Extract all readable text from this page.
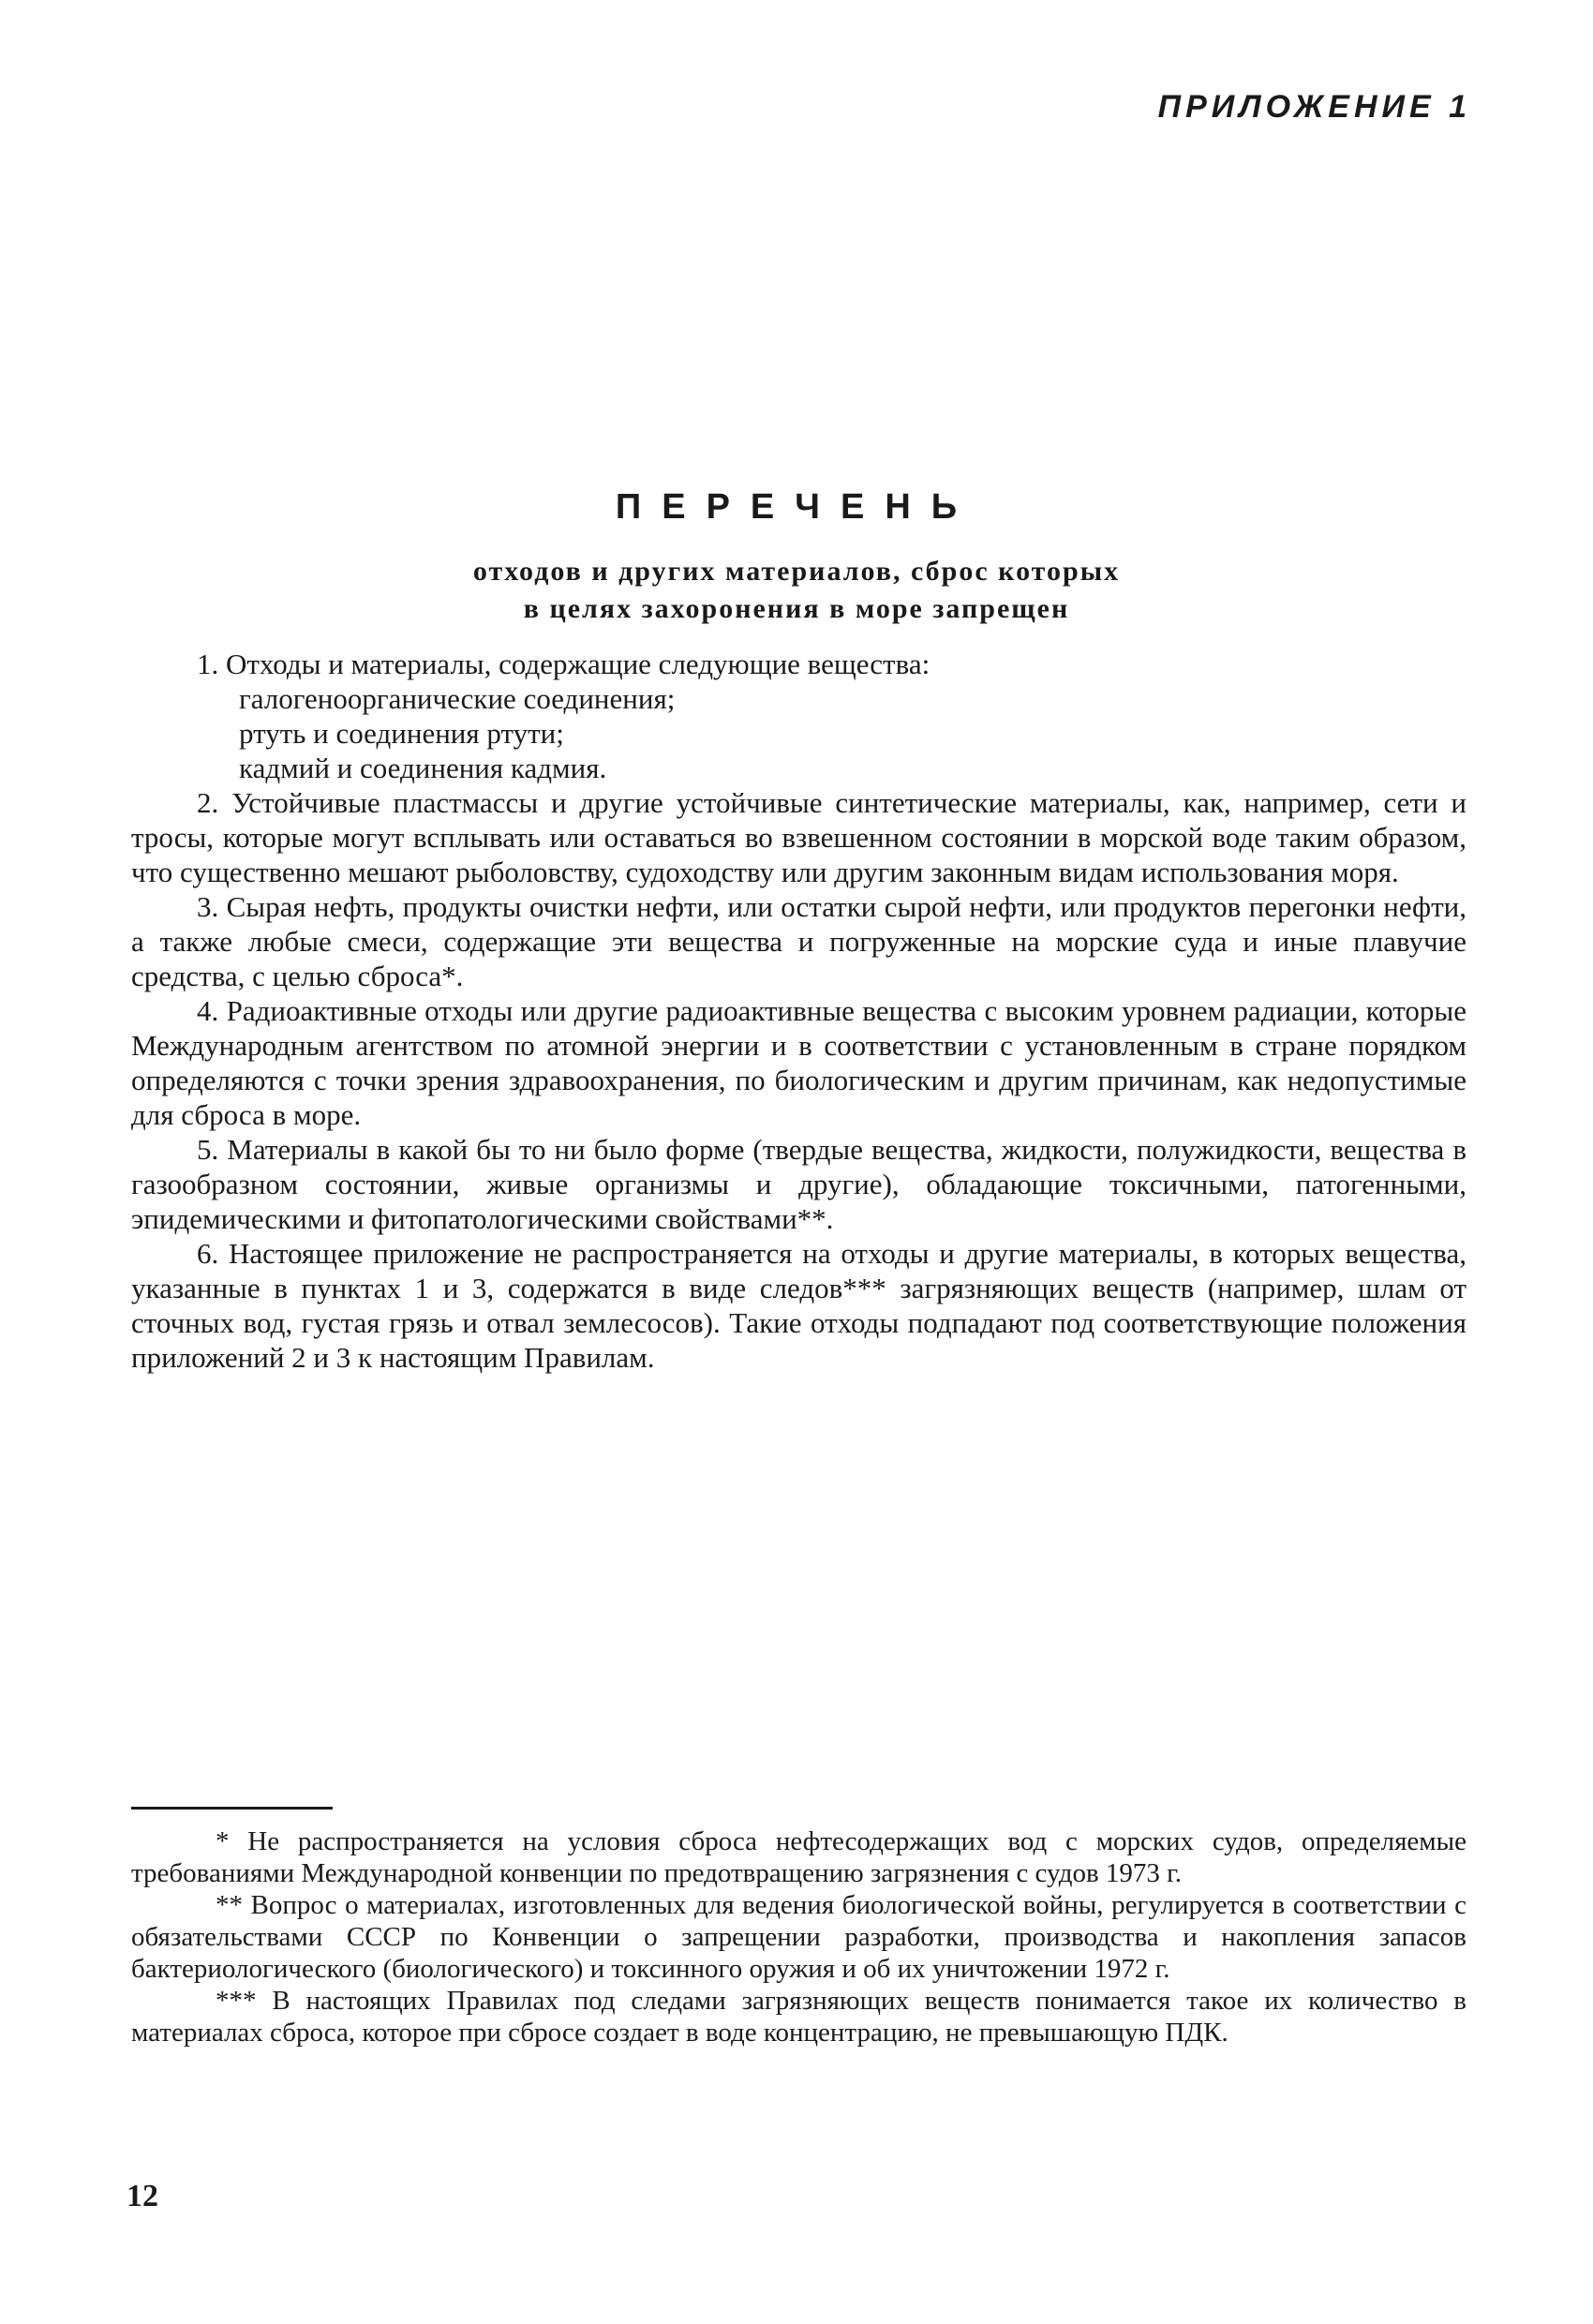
ПРИЛОЖЕНИЕ 1
ПЕРЕЧЕНЬ
отходов и других материалов, сброс которых
в целях захоронения в море запрещен

1. Отходы и материалы, содержащие следующие вещества:

галогеноорганические соединения;

ртуть и соединения ртути;

кадмий и соединения кадмия.

2. Устойчивые пластмассы и другие устойчивые синтетические материалы, как, например, сети и тросы, которые могут всплывать или оставаться во взвешенном состоянии в морской воде таким образом, что существенно мешают рыболовству, судоходству или другим законным видам использования моря.

3. Сырая нефть, продукты очистки нефти, или остатки сырой нефти, или продуктов перегонки нефти, а также любые смеси, содержащие эти вещества и погруженные на морские суда и иные плавучие средства, с целью сброса*.

4. Радиоактивные отходы или другие радиоактивные вещества с высоким уровнем радиации, которые Международным агентством по атомной энергии и в соответствии с установленным в стране порядком определяются с точки зрения здравоохранения, по биологическим и другим причинам, как недопустимые для сброса в море.

5. Материалы в какой бы то ни было форме (твердые вещества, жидкости, полужидкости, вещества в газообразном состоянии, живые организмы и другие), обладающие токсичными, патогенными, эпидемическими и фитопатологическими свойствами**.

6. Настоящее приложение не распространяется на отходы и другие материалы, в которых вещества, указанные в пунктах 1 и 3, содержатся в виде следов*** загрязняющих веществ (например, шлам от сточных вод, густая грязь и отвал землесосов). Такие отходы подпадают под соответствующие положения приложений 2 и 3 к настоящим Правилам.

* Не распространяется на условия сброса нефтесодержащих вод с морских судов, определяемые требованиями Международной конвенции по предотвращению загрязнения с судов 1973 г.

** Вопрос о материалах, изготовленных для ведения биологической войны, регулируется в соответствии с обязательствами СССР по Конвенции о запрещении разработки, производства и накопления запасов бактериологического (биологического) и токсинного оружия и об их уничтожении 1972 г.

*** В настоящих Правилах под следами загрязняющих веществ понимается такое их количество в материалах сброса, которое при сбросе создает в воде концентрацию, не превышающую ПДК.

12
